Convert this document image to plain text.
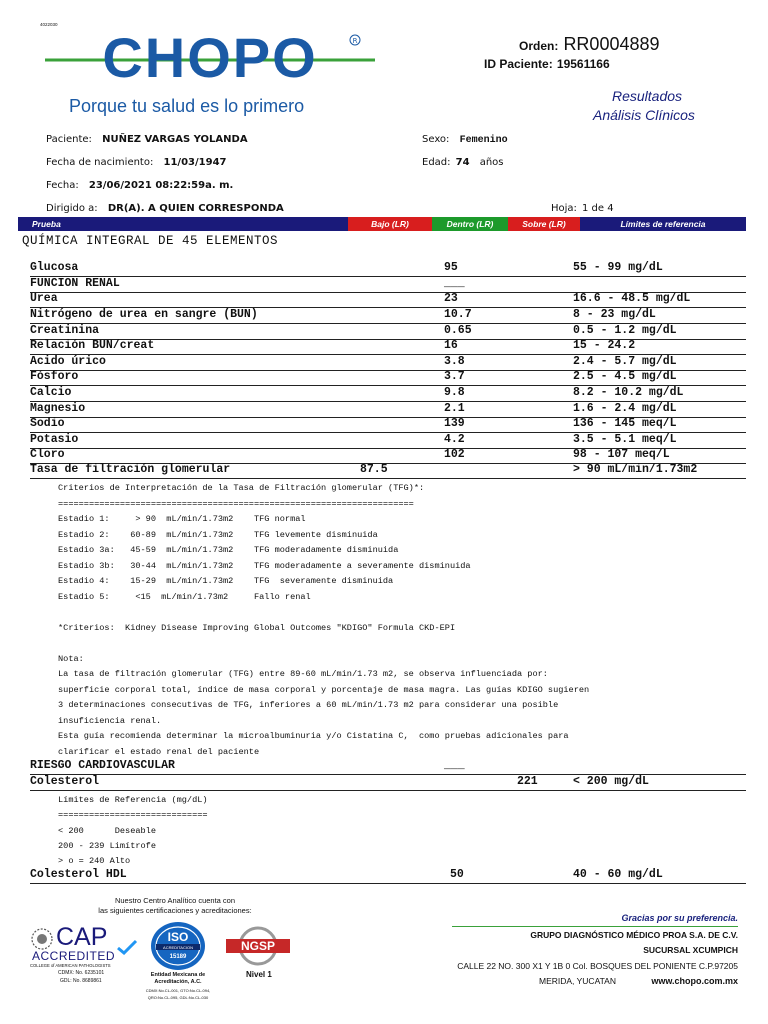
4022030
CHOPO	R
Porque tu salud es lo primero
Orden: RR0004889
ID Paciente: 19561166
Resultados
Análisis Clínicos
Paciente: NUÑEZ VARGAS YOLANDA	Sexo: Femenino
Fecha de nacimiento: 11/03/1947	Edad: 74 años
Fecha: 23/06/2021 08:22:59a. m.
Dirigido a: DR(A). A QUIEN CORRESPONDA	Hoja: 1 de 4
Prueba	Bajo (LR)	Dentro (LR)	Sobre (LR)	Límites de referencia
QUÍMICA INTEGRAL DE 45 ELEMENTOS
Glucosa	95	55 - 99 mg/dL
FUNCION RENAL	___
Urea	23	16.6 - 48.5 mg/dL
Nitrógeno de urea en sangre (BUN)	10.7	8 - 23 mg/dL
Creatinina	0.65	0.5 - 1.2 mg/dL
Relación BUN/creat	16	15 - 24.2
Acido úrico	3.8	2.4 - 5.7 mg/dL
Fósforo	3.7	2.5 - 4.5 mg/dL
Calcio	9.8	8.2 - 10.2 mg/dL
Magnesio	2.1	1.6 - 2.4 mg/dL
Sodio	139	136 - 145 meq/L
Potasio	4.2	3.5 - 5.1 meq/L
Cloro	102	98 - 107 meq/L
Tasa de filtración glomerular	87.5	> 90 mL/min/1.73m2
Criterios de Interpretación de la Tasa de Filtración glomerular (TFG)*:
=====================================================================
Estadio 1:     > 90  mL/min/1.73m2    TFG normal
Estadio 2:    60-89  mL/min/1.73m2    TFG levemente disminuida
Estadio 3a:   45-59  mL/min/1.73m2    TFG moderadamente disminuida
Estadio 3b:   30-44  mL/min/1.73m2    TFG moderadamente a severamente disminuida
Estadio 4:    15-29  mL/min/1.73m2    TFG  severamente disminuida
Estadio 5:     <15  mL/min/1.73m2     Fallo renal
*Criterios:  Kidney Disease Improving Global Outcomes "KDIGO" Formula CKD-EPI
Nota:
La tasa de filtración glomerular (TFG) entre 89-60 mL/min/1.73 m2, se observa influenciada por:
superficie corporal total, índice de masa corporal y porcentaje de masa magra. Las guías KDIGO sugieren
3 determinaciones consecutivas de TFG, inferiores a 60 mL/min/1.73 m2 para considerar una posible
insuficiencia renal.
Esta guía recomienda determinar la microalbuminuria y/o Cistatina C,  como pruebas adicionales para
clarificar el estado renal del paciente
RIESGO CARDIOVASCULAR	___
Colesterol	221	< 200 mg/dL
Límites de Referencia (mg/dL)
=============================
< 200      Deseable
200 - 239 Limítrofe
> o = 240 Alto
Colesterol HDL	50	40 - 60 mg/dL
Nuestro Centro Analítico cuenta con
las siguientes certificaciones y acreditaciones:
CAP
ACCREDITED
COLLEGE of AMERICAN PATHOLOGISTS
CDMX: No. 6235101
GDL: No. 8689861
ISO
ACREDITACION
15189
Entidad Mexicana de
Acreditación, A.C.
CDMX:No.CL-001, GTO:No.CL-094,
QRO:No.CL-095, GDL:No.CL-030
NGSP
Nivel 1
Gracias por su preferencia.
GRUPO DIAGNÓSTICO MÉDICO PROA S.A. DE C.V.
SUCURSAL XCUMPICH
CALLE 22 NO. 300 X1 Y 1B 0 Col. BOSQUES DEL PONIENTE C.P.97205
MERIDA, YUCATAN	www.chopo.com.mx
